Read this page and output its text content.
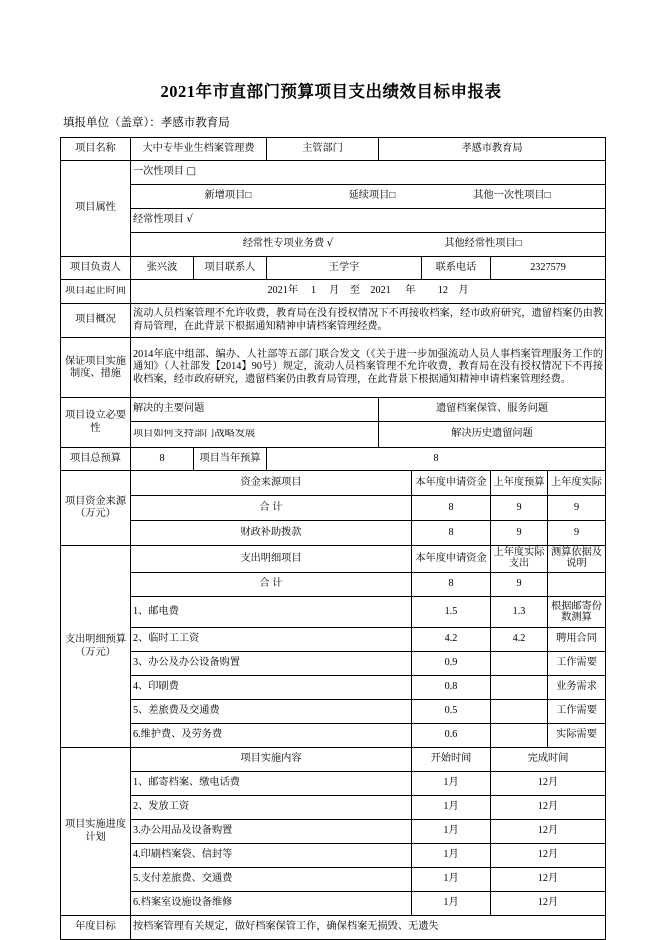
2021年市直部门预算项目支出绩效目标申报表
填报单位（盖章）：孝感市教育局
项目名称	大中专毕业生档案管理费		主管部门	孝感市教育局				
项目属性	一次性项目 □							
	新增项目□ 延续项目□ 其他一次性项目□							
	经常性项目 √							
	经常性专项业务费 √ 其他经常性项目□							
项目负责人	张兴波	项目联系人	王学宇			联系电话	2327579	

项目起止时间	2021年 1 月 至 2021 年 12 月							
项目概况	流动人员档案管理不允许收费，教育局在没有授权情况下不再接收档案，经市政府研究，遗留档案仍由教育局管理，在此背景下根据通知精神申请档案管理经费。							

保证项目实施
制度、措施	2014年底中组部、编办、人社部等五部门联合发文（《关于进一步加强流动人员人事档案管理服务工作的通知》（人社部发【2014】90号）规定，流动人员档案管理不允许收费，教育局在没有授权情况下不再接收档案，经市政府研究，遗留档案仍由教育局管理，在此背景下根据通知精神申请档案管理经费。							
项目设立必要性	解决的主要问题			遗留档案保管、服务问题				

	项目如何支持部门战略发展			解决历史遗留问题				
项目总预算	8	项目当年预算	8					
项目资金来源（万元）	资金来源项目				本年度申请资金		上年度预算	上年度实际
	合 计				8		9	9
	财政补助拨款				8		9	9
支出明细预算（万元）	支出明细项目				本年度申请资金		上年度实际支出	测算依据及说明
	合 计				8		9	
	1、邮电费				1.5		1.3	根据邮寄份数测算
	2、临时工工资				4.2		4.2	聘用合同
	3、办公及办公设备购置				0.9			工作需要
	4、印刷费				0.8			业务需求
	5、差旅费及交通费				0.5			工作需要
	6.维护费、及劳务费				0.6			实际需要
项目实施进度计划	项目实施内容				开始时间		完成时间	
	1、邮寄档案、缴电话费				1月		12月	
	2、发放工资				1月		12月	
	3.办公用品及设备购置				1月		12月	
	4.印刷档案袋、信封等				1月		12月	
	5.支付差旅费、交通费				1月		12月	
	6.档案室设施设备维修				1月		12月	
年度目标	按档案管理有关规定，做好档案保管工作，确保档案无损毁、无遗失							
